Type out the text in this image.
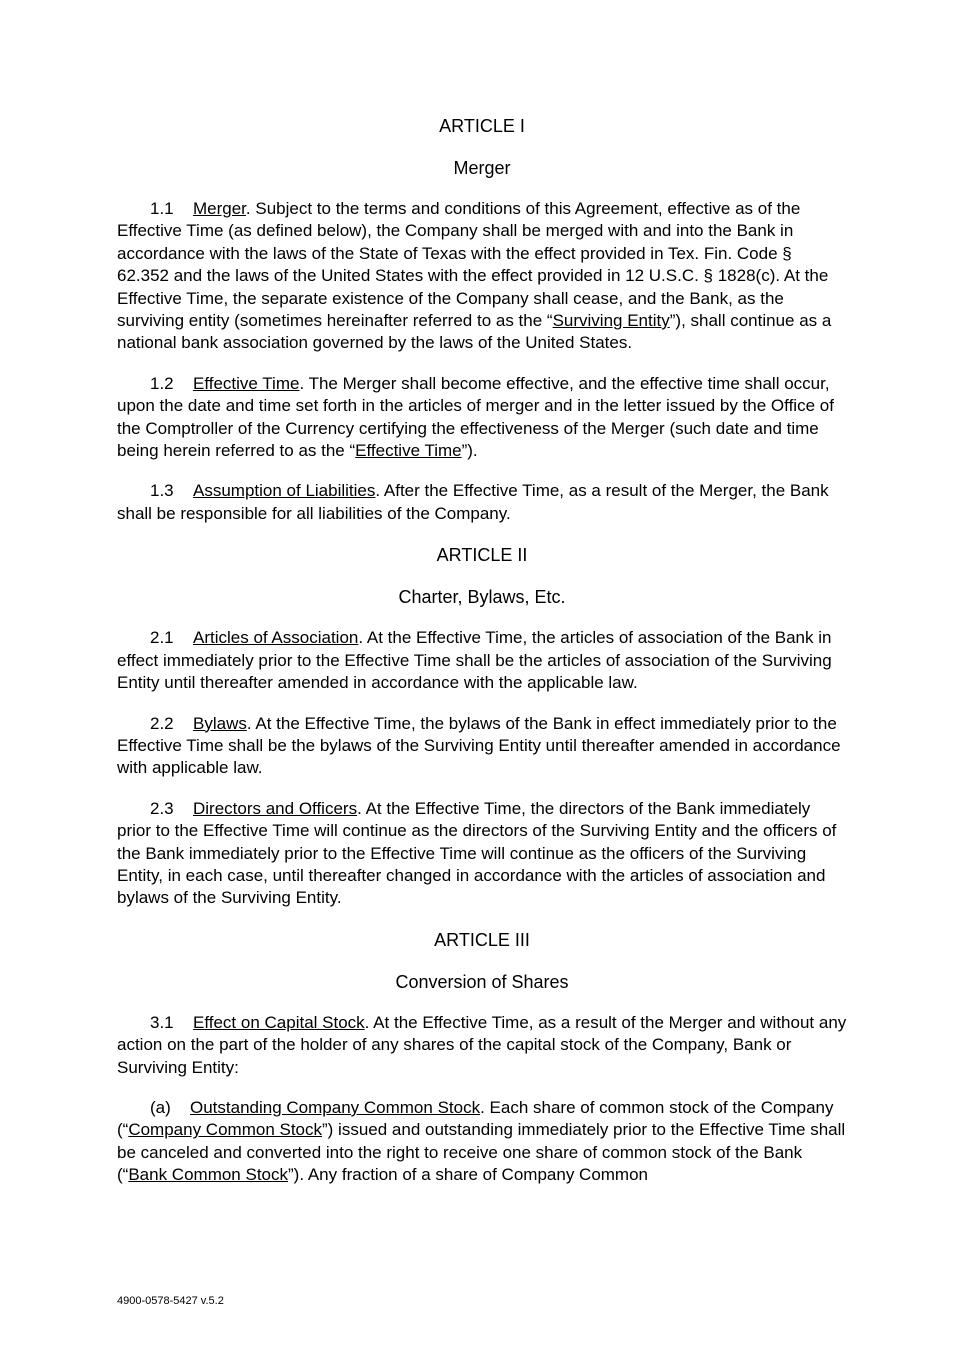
ARTICLE I

Merger

1.1 Merger. Subject to the terms and conditions of this Agreement, effective as of the Effective Time (as defined below), the Company shall be merged with and into the Bank in accordance with the laws of the State of Texas with the effect provided in Tex. Fin. Code § 62.352 and the laws of the United States with the effect provided in 12 U.S.C. § 1828(c). At the Effective Time, the separate existence of the Company shall cease, and the Bank, as the surviving entity (sometimes hereinafter referred to as the “Surviving Entity”), shall continue as a national bank association governed by the laws of the United States.

1.2 Effective Time. The Merger shall become effective, and the effective time shall occur, upon the date and time set forth in the articles of merger and in the letter issued by the Office of the Comptroller of the Currency certifying the effectiveness of the Merger (such date and time being herein referred to as the “Effective Time”).

1.3 Assumption of Liabilities. After the Effective Time, as a result of the Merger, the Bank shall be responsible for all liabilities of the Company.

ARTICLE II

Charter, Bylaws, Etc.

2.1 Articles of Association. At the Effective Time, the articles of association of the Bank in effect immediately prior to the Effective Time shall be the articles of association of the Surviving Entity until thereafter amended in accordance with the applicable law.

2.2 Bylaws. At the Effective Time, the bylaws of the Bank in effect immediately prior to the Effective Time shall be the bylaws of the Surviving Entity until thereafter amended in accordance with applicable law.

2.3 Directors and Officers. At the Effective Time, the directors of the Bank immediately prior to the Effective Time will continue as the directors of the Surviving Entity and the officers of the Bank immediately prior to the Effective Time will continue as the officers of the Surviving Entity, in each case, until thereafter changed in accordance with the articles of association and bylaws of the Surviving Entity.

ARTICLE III

Conversion of Shares

3.1 Effect on Capital Stock. At the Effective Time, as a result of the Merger and without any action on the part of the holder of any shares of the capital stock of the Company, Bank or Surviving Entity:

(a) Outstanding Company Common Stock. Each share of common stock of the Company (“Company Common Stock”) issued and outstanding immediately prior to the Effective Time shall be canceled and converted into the right to receive one share of common stock of the Bank (“Bank Common Stock”). Any fraction of a share of Company Common

4900-0578-5427 v.5.2
